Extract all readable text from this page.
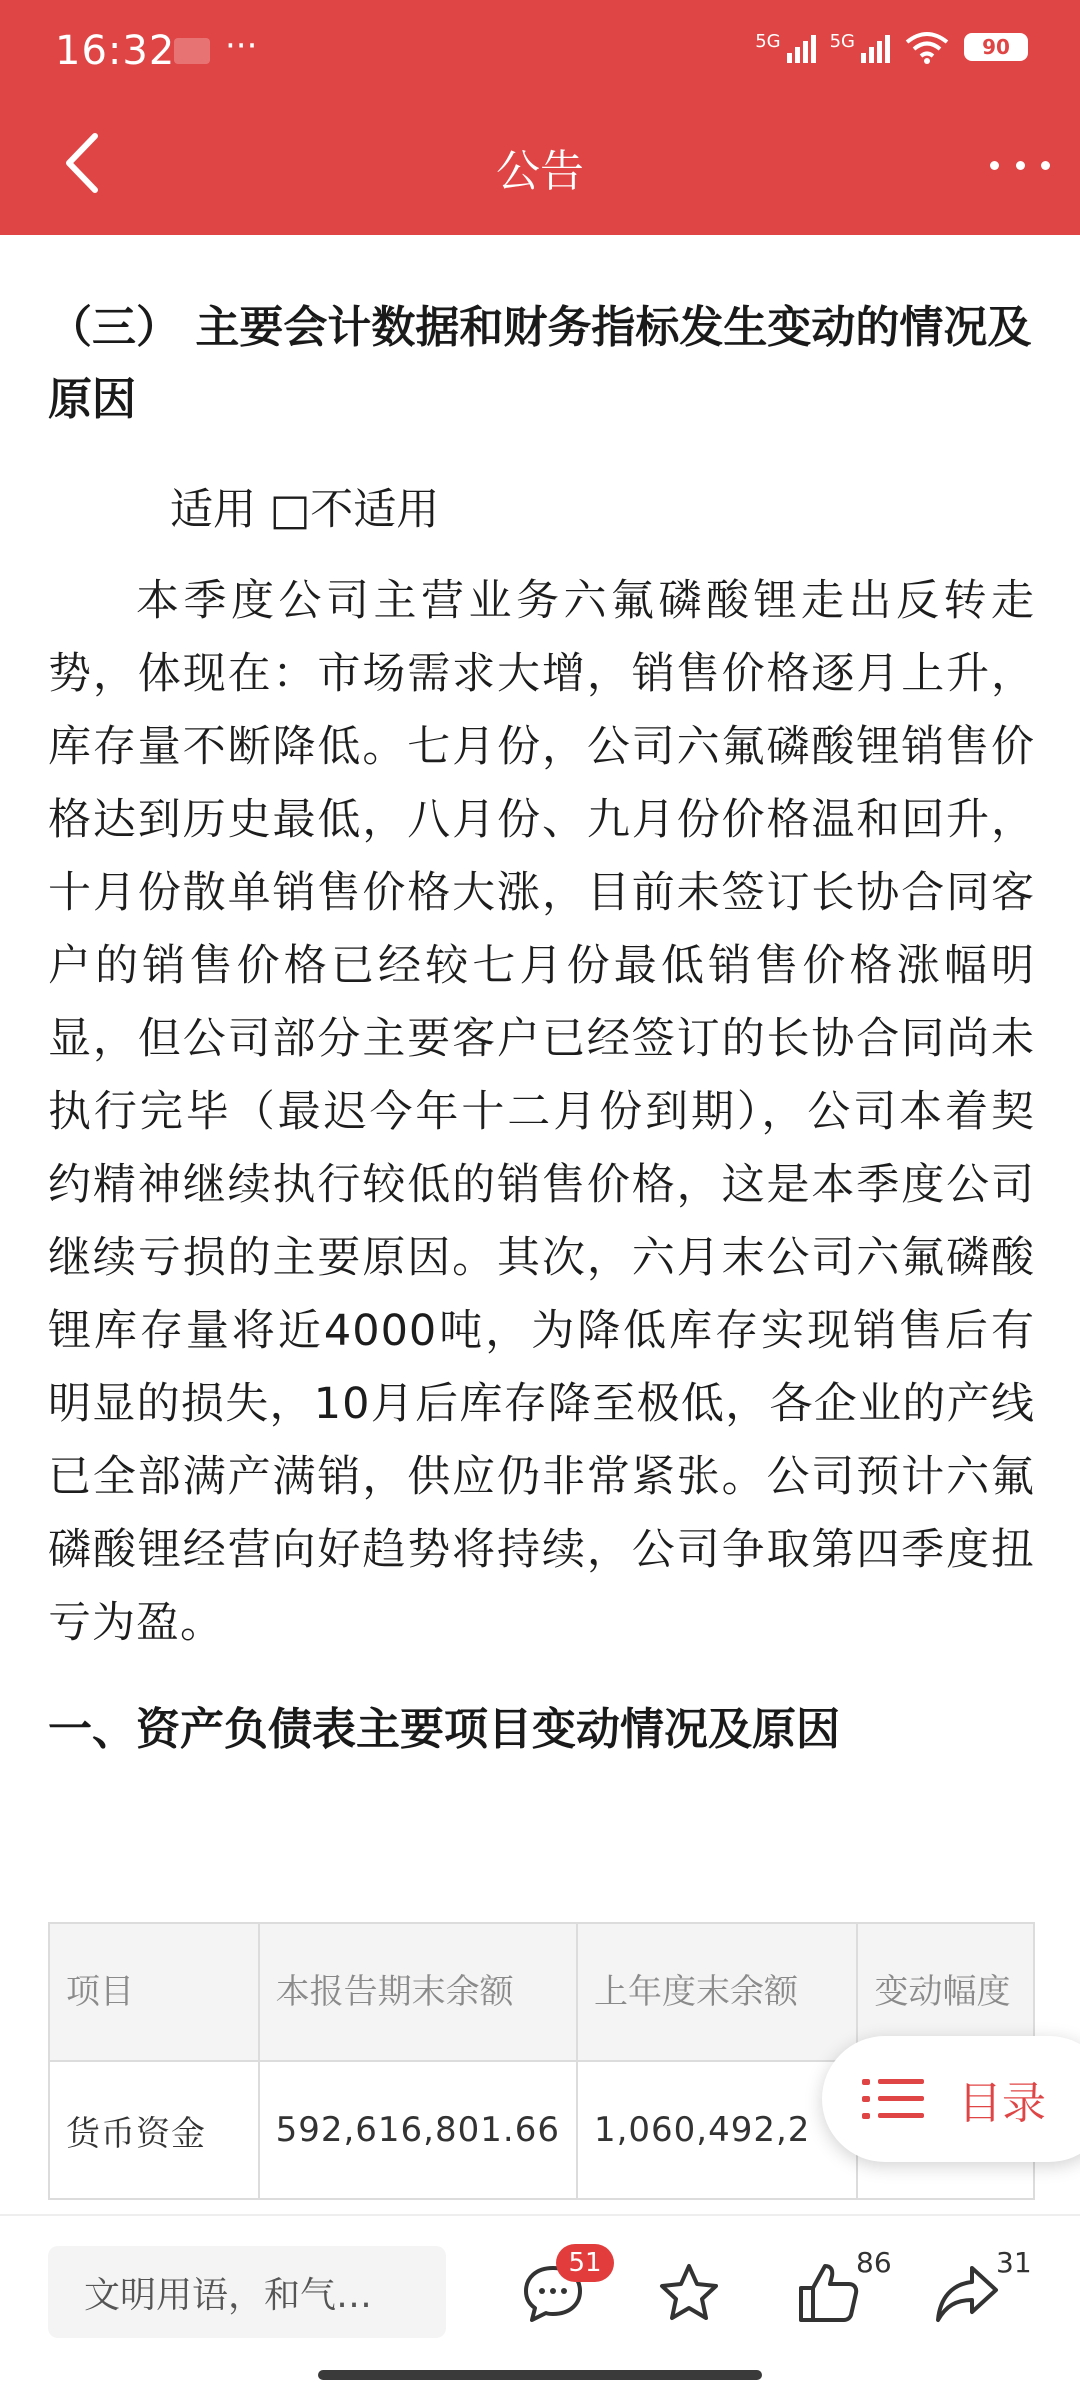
16:32 ···	5G	5G	90
公告

（三） 主要会计数据和财务指标发生变动的情况及原因

适用 □不适用
本季度公司主营业务六氟磷酸锂走出反转走势，体现在：市场需求大增，销售价格逐月上升，库存量不断降低。七月份，公司六氟磷酸锂销售价格达到历史最低，八月份、九月份价格温和回升，十月份散单销售价格大涨，目前未签订长协合同客户的销售价格已经较七月份最低销售价格涨幅明显，但公司部分主要客户已经签订的长协合同尚未执行完毕（最迟今年十二月份到期），公司本着契约精神继续执行较低的销售价格，这是本季度公司继续亏损的主要原因。其次，六月末公司六氟磷酸锂库存量将近4000吨，为降低库存实现销售后有明显的损失，10月后库存降至极低，各企业的产线已全部满产满销，供应仍非常紧张。公司预计六氟磷酸锂经营向好趋势将持续，公司争取第四季度扭亏为盈。
一、资产负债表主要项目变动情况及原因
项目	本报告期末余额	上年度末余额	变动幅度
货币资金	592,616,801.66	1,060,492,2	
目录
文明用语，和气…
51	86	31
